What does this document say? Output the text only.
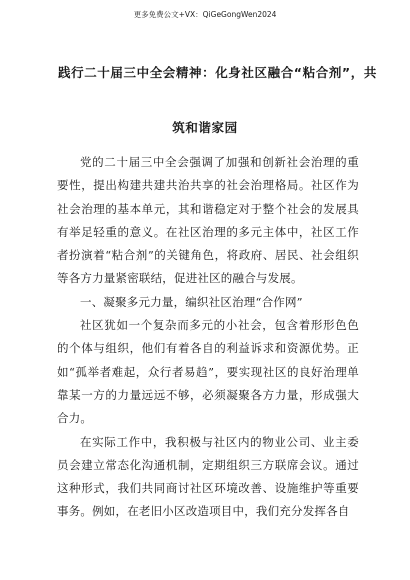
更多免费公文+VX：QiGeGongWen2024
践行二十届三中全会精神：化身社区融合“粘合剂”，共
筑和谐家园

党的二十届三中全会强调了加强和创新社会治理的重要性，提出构建共建共治共享的社会治理格局。社区作为社会治理的基本单元，其和谐稳定对于整个社会的发展具有举足轻重的意义。在社区治理的多元主体中，社区工作者扮演着“粘合剂”的关键角色，将政府、居民、社会组织等各方力量紧密联结，促进社区的融合与发展。

一、凝聚多元力量，编织社区治理“合作网”

社区犹如一个复杂而多元的小社会，包含着形形色色的个体与组织，他们有着各自的利益诉求和资源优势。正如“孤举者难起，众行者易趋”，要实现社区的良好治理单靠某一方的力量远远不够，必须凝聚各方力量，形成强大合力。

在实际工作中，我积极与社区内的物业公司、业主委员会建立常态化沟通机制，定期组织三方联席会议。通过这种形式，我们共同商讨社区环境改善、设施维护等重要事务。例如，在老旧小区改造项目中，我们充分发挥各自
